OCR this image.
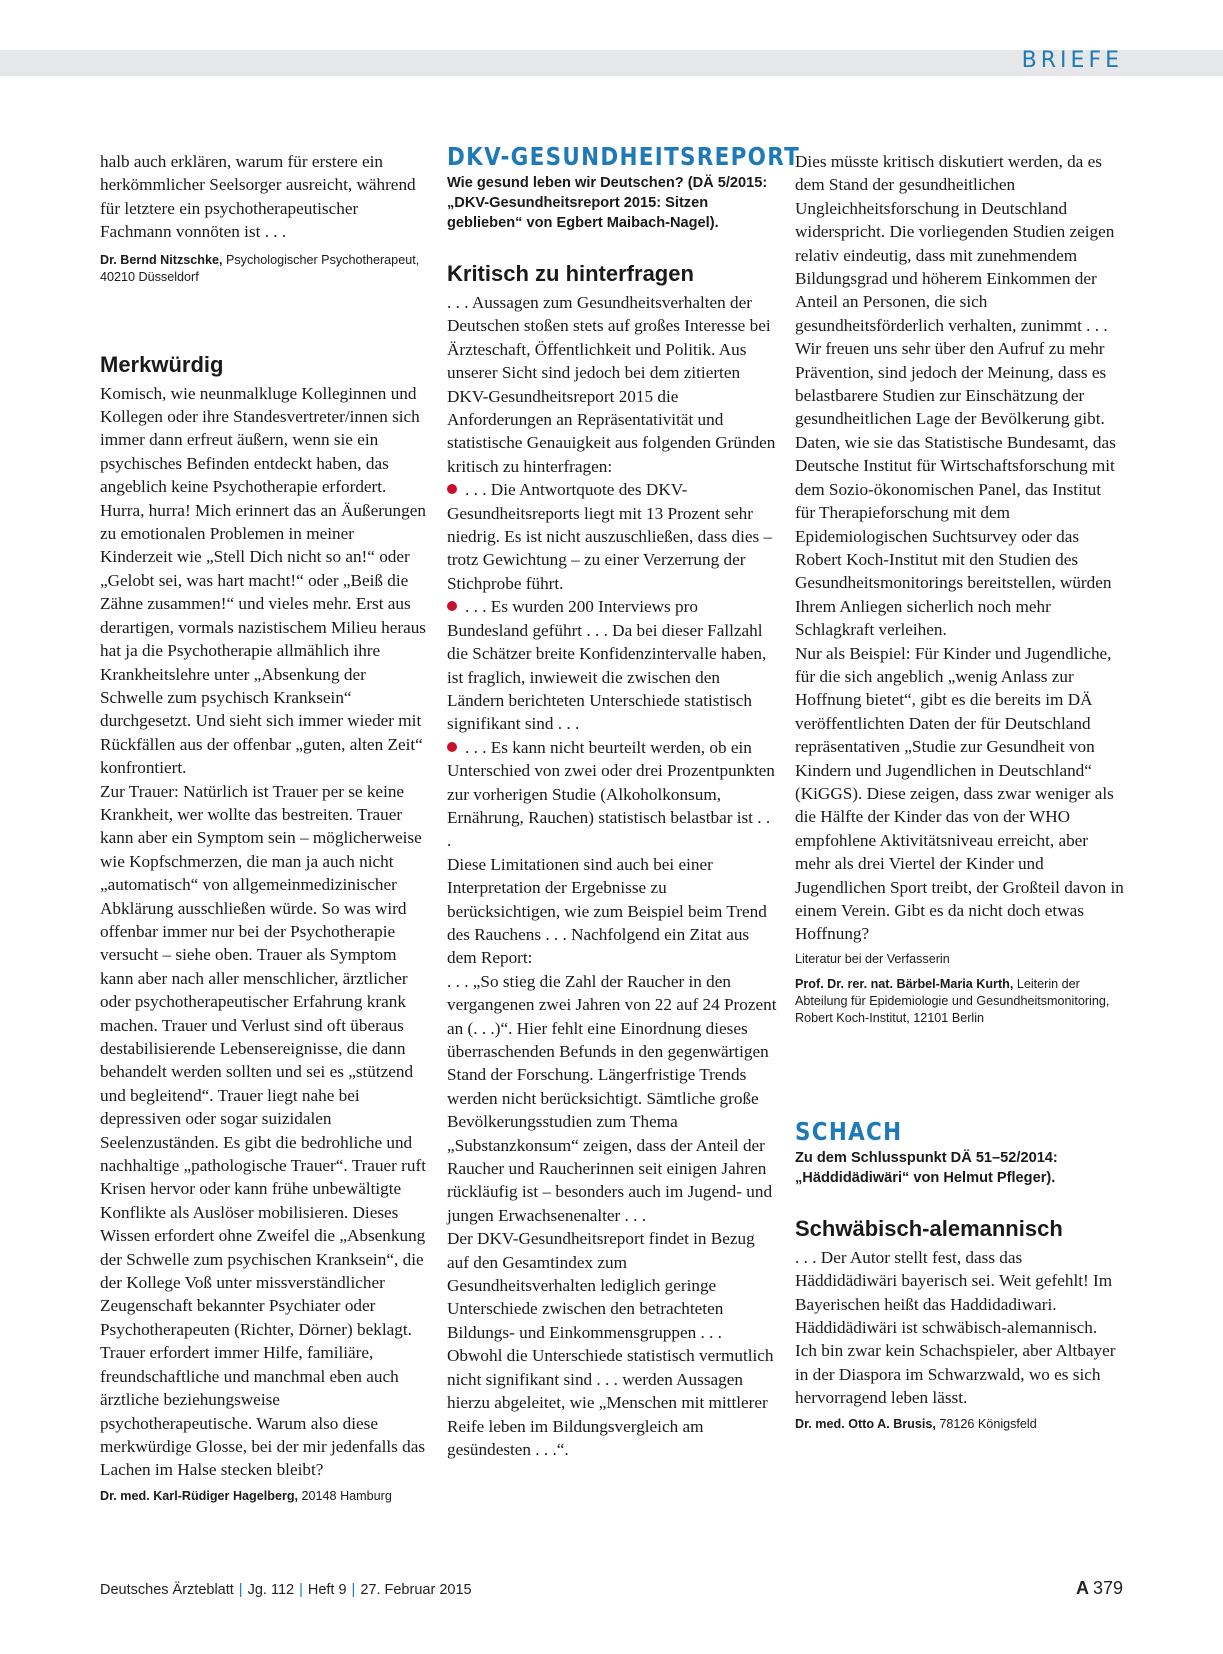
BRIEFE

halb auch erklären, warum für erstere ein herkömmlicher Seelsorger ausreicht, während für letztere ein psychotherapeutischer Fachmann vonnöten ist . . .

Dr. Bernd Nitzschke, Psychologischer Psychotherapeut, 40210 Düsseldorf

Merkwürdig

Komisch, wie neunmalkluge Kolleginnen und Kollegen oder ihre Standesvertreter/innen sich immer dann erfreut äußern, wenn sie ein psychisches Befinden entdeckt haben, das angeblich keine Psychotherapie erfordert. Hurra, hurra! Mich erinnert das an Äußerungen zu emotionalen Problemen in meiner Kinderzeit wie „Stell Dich nicht so an!“ oder „Gelobt sei, was hart macht!“ oder „Beiß die Zähne zusammen!“ und vieles mehr. Erst aus derartigen, vormals nazistischem Milieu heraus hat ja die Psychotherapie allmählich ihre Krankheitslehre unter „Absenkung der Schwelle zum psychisch Kranksein“ durchgesetzt. Und sieht sich immer wieder mit Rückfällen aus der offenbar „guten, alten Zeit“ konfrontiert.

Zur Trauer: Natürlich ist Trauer per se keine Krankheit, wer wollte das bestreiten. Trauer kann aber ein Symptom sein – möglicherweise wie Kopfschmerzen, die man ja auch nicht „automatisch“ von allgemeinmedizinischer Abklärung ausschließen würde. So was wird offenbar immer nur bei der Psychotherapie versucht – siehe oben. Trauer als Symptom kann aber nach aller menschlicher, ärztlicher oder psychotherapeutischer Erfahrung krank machen. Trauer und Verlust sind oft überaus destabilisierende Lebensereignisse, die dann behandelt werden sollten und sei es „stützend und begleitend“. Trauer liegt nahe bei depressiven oder sogar suizidalen Seelenzuständen. Es gibt die bedrohliche und nachhaltige „pathologische Trauer“. Trauer ruft Krisen hervor oder kann frühe unbewältigte Konflikte als Auslöser mobilisieren. Dieses Wissen erfordert ohne Zweifel die „Absenkung der Schwelle zum psychischen Kranksein“, die der Kollege Voß unter missverständlicher Zeugenschaft bekannter Psychiater oder Psychotherapeuten (Richter, Dörner) beklagt. Trauer erfordert immer Hilfe, familiäre, freundschaftliche und manchmal eben auch ärztliche beziehungsweise psychotherapeutische. Warum also diese merkwürdige Glosse, bei der mir jedenfalls das Lachen im Halse stecken bleibt?

Dr. med. Karl-Rüdiger Hagelberg, 20148 Hamburg

DKV-GESUNDHEITSREPORT

Wie gesund leben wir Deutschen? (DÄ 5/2015: „DKV-Gesundheitsreport 2015: Sitzen geblieben“ von Egbert Maibach-Nagel).

Kritisch zu hinterfragen

. . . Aussagen zum Gesundheitsverhalten der Deutschen stoßen stets auf großes Interesse bei Ärzteschaft, Öffentlichkeit und Politik. Aus unserer Sicht sind jedoch bei dem zitierten DKV-Gesundheitsreport 2015 die Anforderungen an Repräsentativität und statistische Genauigkeit aus folgenden Gründen kritisch zu hinterfragen:

. . . Die Antwortquote des DKV-Gesundheitsreports liegt mit 13 Prozent sehr niedrig. Es ist nicht auszuschließen, dass dies – trotz Gewichtung – zu einer Verzerrung der Stichprobe führt.

. . . Es wurden 200 Interviews pro Bundesland geführt . . . Da bei dieser Fallzahl die Schätzer breite Konfidenzintervalle haben, ist fraglich, inwieweit die zwischen den Ländern berichteten Unterschiede statistisch signifikant sind . . .

. . . Es kann nicht beurteilt werden, ob ein Unterschied von zwei oder drei Prozentpunkten zur vorherigen Studie (Alkoholkonsum, Ernährung, Rauchen) statistisch belastbar ist . . .

Diese Limitationen sind auch bei einer Interpretation der Ergebnisse zu berücksichtigen, wie zum Beispiel beim Trend des Rauchens . . . Nachfolgend ein Zitat aus dem Report:

. . . „So stieg die Zahl der Raucher in den vergangenen zwei Jahren von 22 auf 24 Prozent an (. . .)“. Hier fehlt eine Einordnung dieses überraschenden Befunds in den gegenwärtigen Stand der Forschung. Längerfristige Trends werden nicht berücksichtigt. Sämtliche große Bevölkerungsstudien zum Thema „Substanzkonsum“ zeigen, dass der Anteil der Raucher und Raucherinnen seit einigen Jahren rückläufig ist – besonders auch im Jugend- und jungen Erwachsenenalter . . .

Der DKV-Gesundheitsreport findet in Bezug auf den Gesamtindex zum Gesundheitsverhalten lediglich geringe Unterschiede zwischen den betrachteten Bildungs- und Einkommensgruppen . . . Obwohl die Unterschiede statistisch vermutlich nicht signifikant sind . . . werden Aussagen hierzu abgeleitet, wie „Menschen mit mittlerer Reife leben im Bildungsvergleich am gesündesten . . .“.

Dies müsste kritisch diskutiert werden, da es dem Stand der gesundheitlichen Ungleichheitsforschung in Deutschland widerspricht. Die vorliegenden Studien zeigen relativ eindeutig, dass mit zunehmendem Bildungsgrad und höherem Einkommen der Anteil an Personen, die sich gesundheitsförderlich verhalten, zunimmt . . .

Wir freuen uns sehr über den Aufruf zu mehr Prävention, sind jedoch der Meinung, dass es belastbarere Studien zur Einschätzung der gesundheitlichen Lage der Bevölkerung gibt. Daten, wie sie das Statistische Bundesamt, das Deutsche Institut für Wirtschaftsforschung mit dem Sozio-ökonomischen Panel, das Institut für Therapieforschung mit dem Epidemiologischen Suchtsurvey oder das Robert Koch-Institut mit den Studien des Gesundheitsmonitorings bereitstellen, würden Ihrem Anliegen sicherlich noch mehr Schlagkraft verleihen.

Nur als Beispiel: Für Kinder und Jugendliche, für die sich angeblich „wenig Anlass zur Hoffnung bietet“, gibt es die bereits im DÄ veröffentlichten Daten der für Deutschland repräsentativen „Studie zur Gesundheit von Kindern und Jugendlichen in Deutschland“ (KiGGS). Diese zeigen, dass zwar weniger als die Hälfte der Kinder das von der WHO empfohlene Aktivitätsniveau erreicht, aber mehr als drei Viertel der Kinder und Jugendlichen Sport treibt, der Großteil davon in einem Verein. Gibt es da nicht doch etwas Hoffnung?

Literatur bei der Verfasserin

Prof. Dr. rer. nat. Bärbel-Maria Kurth, Leiterin der Abteilung für Epidemiologie und Gesundheitsmonitoring, Robert Koch-Institut, 12101 Berlin

SCHACH

Zu dem Schlusspunkt DÄ 51–52/2014: „Häddidädiwäri“ von Helmut Pfleger).

Schwäbisch-alemannisch

. . . Der Autor stellt fest, dass das Häddidädiwäri bayerisch sei. Weit gefehlt! Im Bayerischen heißt das Haddidadiwari. Häddidädiwäri ist schwäbisch-alemannisch.

Ich bin zwar kein Schachspieler, aber Altbayer in der Diaspora im Schwarzwald, wo es sich hervorragend leben lässt.

Dr. med. Otto A. Brusis, 78126 Königsfeld

Deutsches Ärzteblatt | Jg. 112 | Heft 9 | 27. Februar 2015	A 379
